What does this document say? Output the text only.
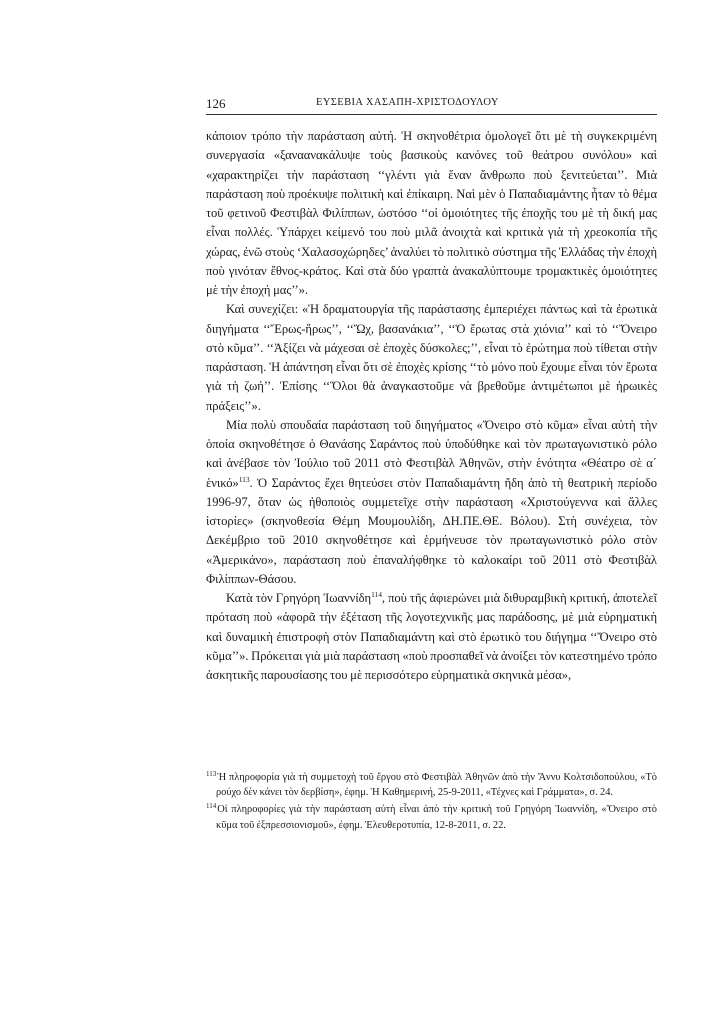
126	ΕΥΣΕΒΙΑ ΧΑΣΑΠΗ-ΧΡΙΣΤΟΔΟΥΛΟΥ

κάποιον τρόπο τὴν παράσταση αὐτή. Ἡ σκηνοθέτρια ὁμολογεῖ ὅτι μὲ τὴ συγκεκριμένη συνεργασία «ξαναανακάλυψε τοὺς βασικοὺς κανόνες τοῦ θεάτρου συνόλου» καὶ «χαρακτηρίζει τὴν παράσταση ‘‘γλέντι γιὰ ἕναν ἄνθρωπο ποὺ ξενιτεύεται’’. Μιὰ παράσταση ποὺ προέκυψε πολιτικὴ καὶ ἐπίκαιρη. Ναὶ μὲν ὁ Παπαδιαμάντης ἦταν τὸ θέμα τοῦ φετινοῦ Φεστιβὰλ Φιλίππων, ὡστόσο ‘‘οἱ ὁμοιότητες τῆς ἐποχῆς του μὲ τὴ δική μας εἶναι πολλές. Ὑπάρχει κείμενό του ποὺ μιλᾶ ἀνοιχτὰ καὶ κριτικὰ γιὰ τὴ χρεοκοπία τῆς χώρας, ἐνῶ στοὺς ‘Χαλασοχώρηδες’ ἀναλύει τὸ πολιτικὸ σύστημα τῆς Ἑλλάδας τὴν ἐποχὴ ποὺ γινόταν ἔθνος-κράτος. Καὶ στὰ δύο γραπτὰ ἀνακαλύπτουμε τρομακτικὲς ὁμοιότητες μὲ τὴν ἐποχή μας’’».

Καὶ συνεχίζει: «Ἡ δραματουργία τῆς παράστασης ἐμπεριέχει πάντως καὶ τὰ ἐρωτικὰ διηγήματα ‘‘Ἔρως-ἥρως’’, ‘‘Ὤχ, βασανάκια’’, ‘‘Ὁ ἔρωτας στὰ χιόνια’’ καὶ τὸ ‘‘Ὄνειρο στὸ κῦμα’’. ‘‘Ἀξίζει νὰ μάχεσαι σὲ ἐποχὲς δύσκολες;’’, εἶναι τὸ ἐρώτημα ποὺ τίθεται στὴν παράσταση. Ἡ ἀπάντηση εἶναι ὅτι σὲ ἐποχὲς κρίσης ‘‘τὸ μόνο ποὺ ἔχουμε εἶναι τὸν ἔρωτα γιὰ τὴ ζωή’’. Ἐπίσης ‘‘Ὅλοι θὰ ἀναγκαστοῦμε νὰ βρεθοῦμε ἀντιμέτωποι μὲ ἡρωικὲς πράξεις’’».

Μία πολὺ σπουδαία παράσταση τοῦ διηγήματος «Ὄνειρο στὸ κῦμα» εἶναι αὐτὴ τὴν ὁποία σκηνοθέτησε ὁ Θανάσης Σαράντος ποὺ ὑποδύθηκε καὶ τὸν πρωταγωνιστικὸ ρόλο καὶ ἀνέβασε τὸν Ἰούλιο τοῦ 2011 στὸ Φεστιβὰλ Ἀθηνῶν, στὴν ἑνότητα «Θέατρο σὲ α΄ ἑνικό»$^{113}$. Ὁ Σαράντος ἔχει θητεύσει στὸν Παπαδιαμάντη ἤδη ἀπὸ τὴ θεατρικὴ περίοδο 1996-97, ὅταν ὡς ἠθοποιὸς συμμετεῖχε στὴν παράσταση «Χριστούγεννα καὶ ἄλλες ἱστορίες» (σκηνοθεσία Θέμη Μουμουλίδη, ΔΗ.ΠΕ.ΘΕ. Βόλου). Στὴ συνέχεια, τὸν Δεκέμβριο τοῦ 2010 σκηνοθέτησε καὶ ἑρμήνευσε τὸν πρωταγωνιστικὸ ρόλο στὸν «Ἀμερικάνο», παράσταση ποὺ ἐπαναλήφθηκε τὸ καλοκαίρι τοῦ 2011 στὸ Φεστιβὰλ Φιλίππων-Θάσου.

Κατὰ τὸν Γρηγόρη Ἰωαννίδη$^{114}$, ποὺ τῆς ἀφιερώνει μιὰ διθυραμβικὴ κριτική, ἀποτελεῖ πρόταση ποὺ «ἀφορᾶ τὴν ἐξέταση τῆς λογοτεχνικῆς μας παράδοσης, μὲ μιὰ εὑρηματικὴ καὶ δυναμικὴ ἐπιστροφὴ στὸν Παπαδιαμάντη καὶ στὸ ἐρωτικὸ του διήγημα ‘‘Ὄνειρο στὸ κῦμα’’». Πρόκειται γιὰ μιὰ παράσταση «ποὺ προσπαθεῖ νὰ ἀνοίξει τὸν κατεστημένο τρόπο ἀσκητικῆς παρουσίασης του μὲ περισσότερο εὑρηματικὰ σκηνικὰ μέσα»,

$^{113}$Ἡ πληροφορία γιὰ τὴ συμμετοχὴ τοῦ ἔργου στὸ Φεστιβὰλ Ἀθηνῶν ἀπὸ τὴν Ἄννυ Κολτσιδοπούλου, «Τὸ ρούχο δὲν κάνει τὸν δερβίση», ἐφημ. Ἡ Καθημερινή, 25-9-2011, «Τέχνες καὶ Γράμματα», σ. 24.

$^{114}$Οἱ πληροφορίες γιὰ τὴν παράσταση αὐτὴ εἶναι ἀπὸ τὴν κριτικὴ τοῦ Γρηγόρη Ἰωαννίδη, «Ὄνειρο στὸ κῦμα τοῦ ἐξπρεσσιονισμοῦ», ἐφημ. Ἐλευθεροτυπία, 12-8-2011, σ. 22.
